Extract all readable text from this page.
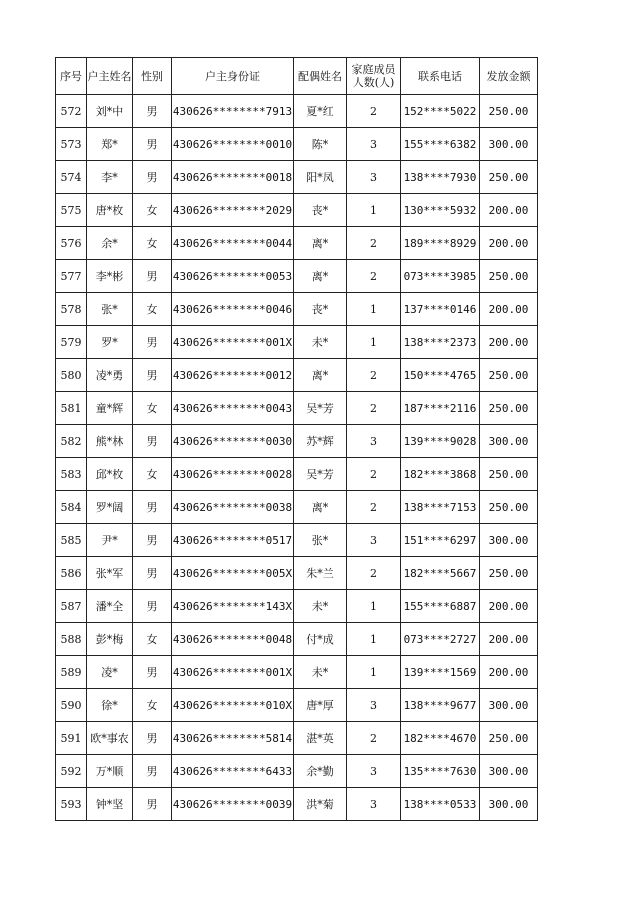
序号	户主姓名	性别	户主身份证	配偶姓名	家庭成员人数(人)	联系电话	发放金额
572	刘*中	男	430626********7913	夏*红	2	152****5022	250.00
573	郑*	男	430626********0010	陈*	3	155****6382	300.00
574	李*	男	430626********0018	阳*凤	3	138****7930	250.00
575	唐*枚	女	430626********2029	丧*	1	130****5932	200.00
576	余*	女	430626********0044	离*	2	189****8929	200.00
577	李*彬	男	430626********0053	离*	2	073****3985	250.00
578	张*	女	430626********0046	丧*	1	137****0146	200.00
579	罗*	男	430626********001X	未*	1	138****2373	200.00
580	凌*勇	男	430626********0012	离*	2	150****4765	250.00
581	童*辉	女	430626********0043	吴*芳	2	187****2116	250.00
582	熊*林	男	430626********0030	苏*辉	3	139****9028	300.00
583	邱*枚	女	430626********0028	吴*芳	2	182****3868	250.00
584	罗*阔	男	430626********0038	离*	2	138****7153	250.00
585	尹*	男	430626********0517	张*	3	151****6297	300.00
586	张*军	男	430626********005X	朱*兰	2	182****5667	250.00
587	潘*全	男	430626********143X	未*	1	155****6887	200.00
588	彭*梅	女	430626********0048	付*成	1	073****2727	200.00
589	凌*	男	430626********001X	未*	1	139****1569	200.00
590	徐*	女	430626********010X	唐*厚	3	138****9677	300.00
591	欧*事农	男	430626********5814	湛*英	2	182****4670	250.00
592	万*顺	男	430626********6433	余*勤	3	135****7630	300.00
593	钟*坚	男	430626********0039	洪*菊	3	138****0533	300.00
